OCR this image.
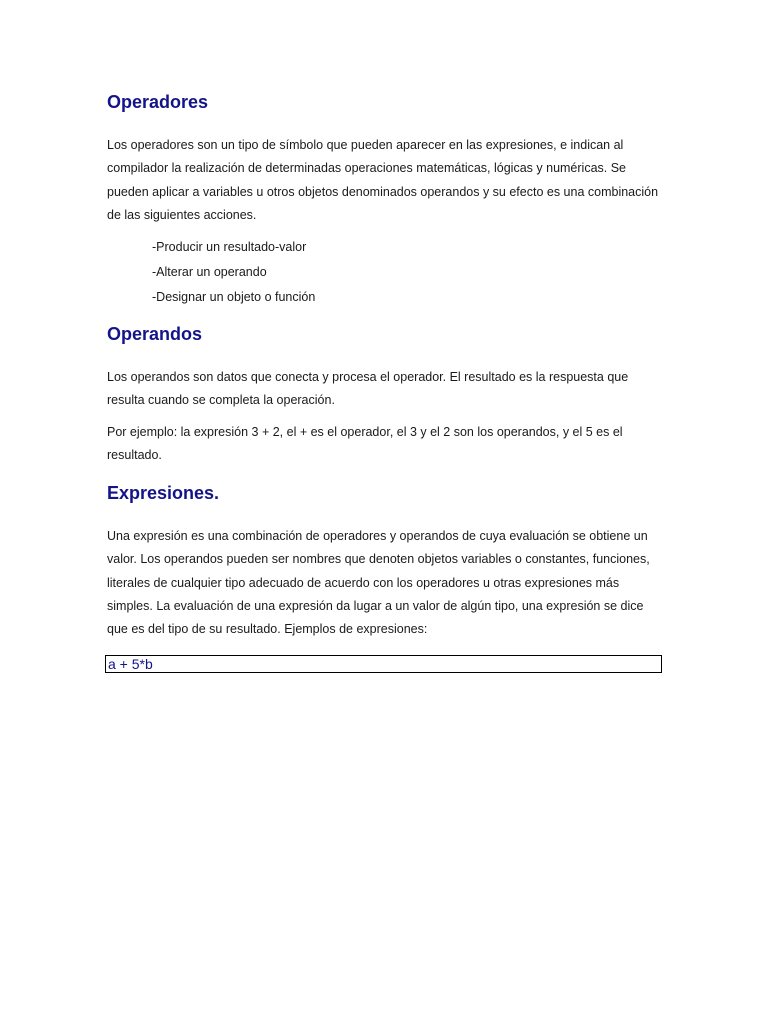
Operadores

Los operadores son un tipo de símbolo que pueden aparecer en las expresiones, e indican al compilador la realización de determinadas operaciones matemáticas, lógicas y numéricas. Se pueden aplicar a variables u otros objetos denominados operandos y su efecto es una combinación de las siguientes acciones.

-Producir un resultado-valor
-Alterar un operando
-Designar un objeto o función
Operandos

Los operandos son datos que conecta y procesa el operador. El resultado es la respuesta que resulta cuando se completa la operación.

Por ejemplo: la expresión 3 + 2, el + es el operador, el 3 y el 2 son los operandos, y el 5 es el resultado.

Expresiones.

Una expresión es una combinación de operadores y operandos de cuya evaluación se obtiene un valor. Los operandos pueden ser nombres que denoten objetos variables o constantes, funciones, literales de cualquier tipo adecuado de acuerdo con los operadores u otras expresiones más simples. La evaluación de una expresión da lugar a un valor de algún tipo, una expresión se dice que es del tipo de su resultado. Ejemplos de expresiones:

a + 5*b
